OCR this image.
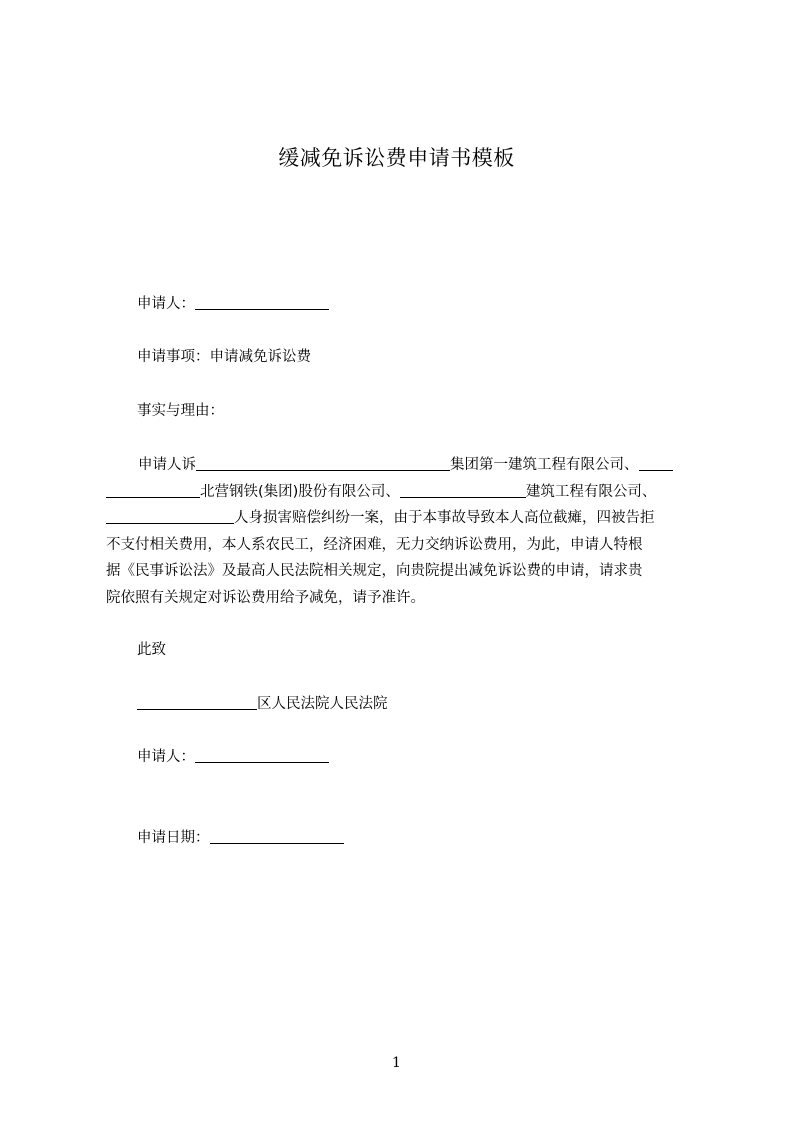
缓减免诉讼费申请书模板
申请人：
申请事项：申请减免诉讼费
事实与理由：
申请人诉	集团第一建筑工程有限公司、
北营钢铁(集团)股份有限公司、	建筑工程有限公司、
人身损害赔偿纠纷一案，由于本事故导致本人高位截瘫，四被告拒
不支付相关费用，本人系农民工，经济困难，无力交纳诉讼费用，为此，申请人特根
据《民事诉讼法》及最高人民法院相关规定，向贵院提出减免诉讼费的申请，请求贵
院依照有关规定对诉讼费用给予减免，请予准许。
此致
区人民法院人民法院
申请人：
申请日期：
1
